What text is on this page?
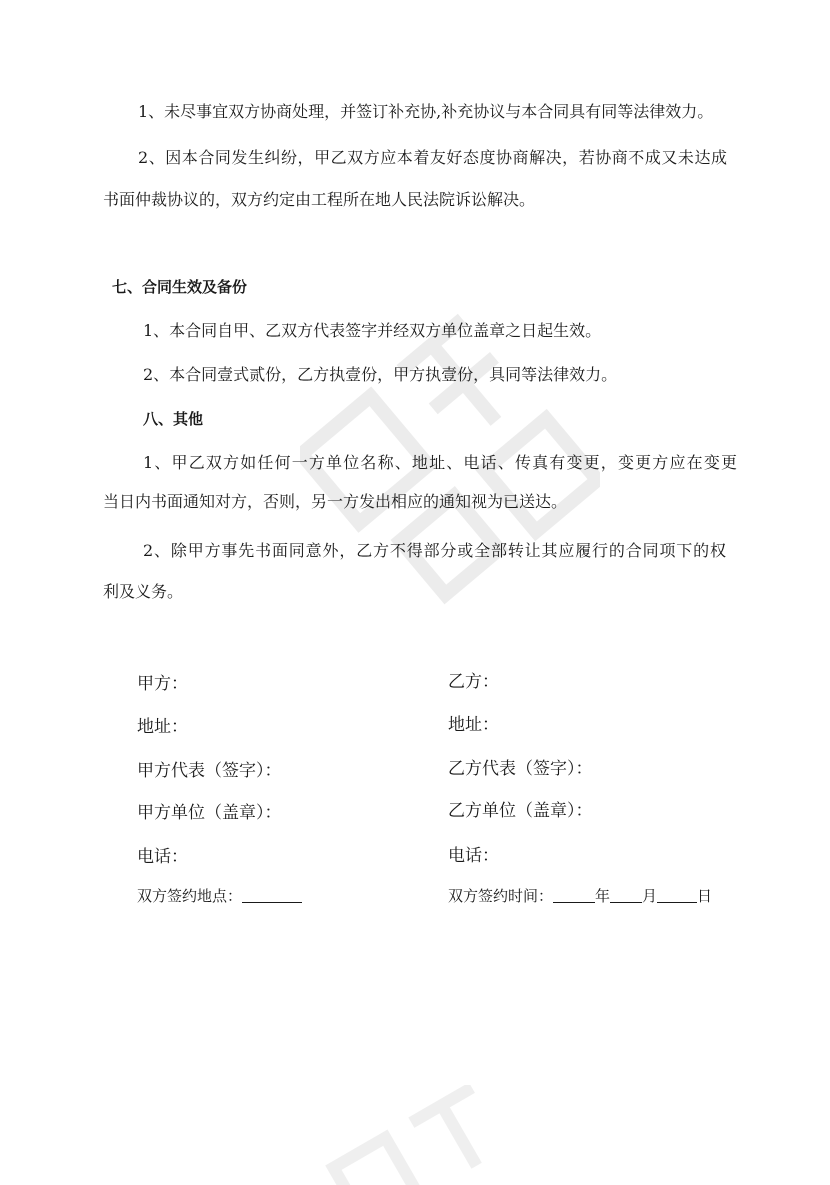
1、未尽事宜双方协商处理，并签订补充协,补充协议与本合同具有同等法律效力。
2、因本合同发生纠纷，甲乙双方应本着友好态度协商解决，若协商不成又未达成
书面仲裁协议的，双方约定由工程所在地人民法院诉讼解决。
七、合同生效及备份
1、本合同自甲、乙双方代表签字并经双方单位盖章之日起生效。
2、本合同壹式贰份，乙方执壹份，甲方执壹份，具同等法律效力。
八、其他
1、甲乙双方如任何一方单位名称、地址、电话、传真有变更，变更方应在变更
当日内书面通知对方，否则，另一方发出相应的通知视为已送达。
2、除甲方事先书面同意外，乙方不得部分或全部转让其应履行的合同项下的权
利及义务。
甲方：
地址：
甲方代表（签字）：
甲方单位（盖章）：
电话：
双方签约地点：
乙方：
地址：
乙方代表（签字）：
乙方单位（盖章）：
电话：
双方签约时间：	年 月	日
